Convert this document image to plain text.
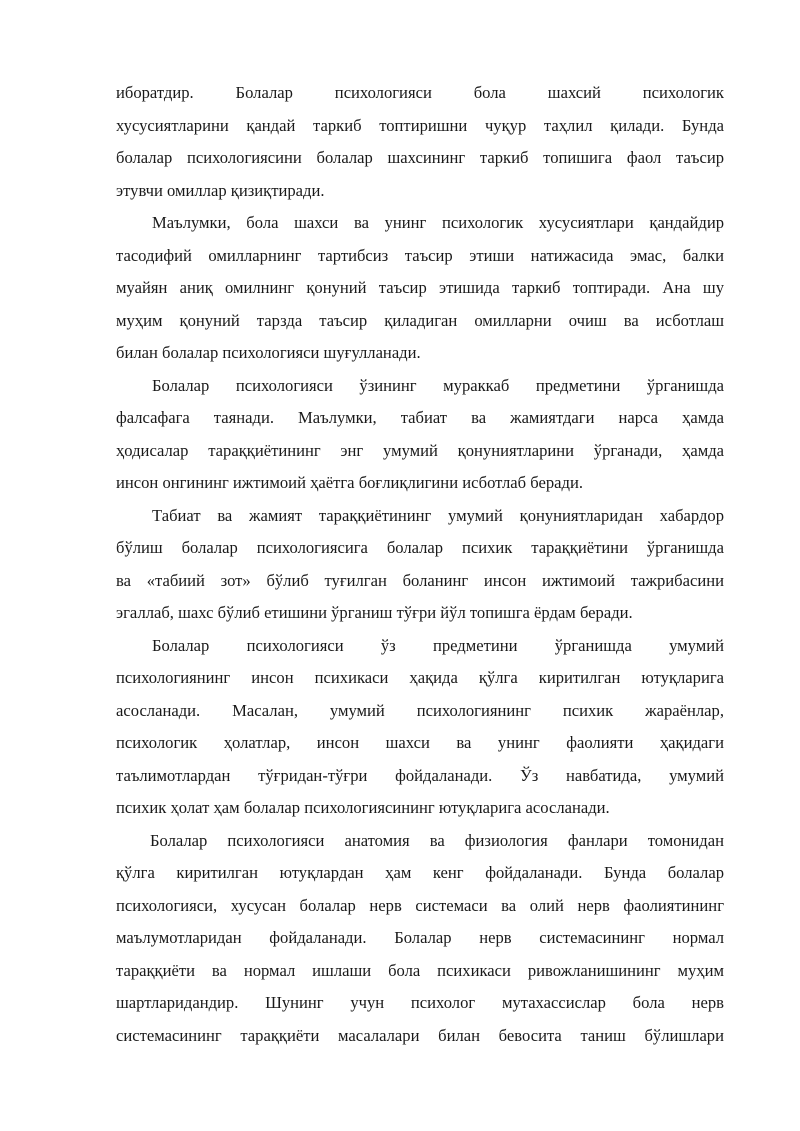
иборатдир. Болалар психологияси бола шахсий психологик
хусусиятларини қандай таркиб топтиришни чуқур таҳлил қилади. Бунда
болалар психологиясини болалар шахсининг таркиб топишига фаол таъсир
этувчи омиллар қизиқтиради.
Маълумки, бола шахси ва унинг психологик хусусиятлари қандайдир
тасодифий омилларнинг тартибсиз таъсир этиши натижасида эмас, балки
муайян аниқ омилнинг қонуний таъсир этишида таркиб топтиради. Ана шу
муҳим қонуний тарзда таъсир қиладиган омилларни очиш ва исботлаш
билан болалар психологияси шуғулланади.
Болалар психологияси ўзининг мураккаб предметини ўрганишда
фалсафага таянади. Маълумки, табиат ва жамиятдаги нарса ҳамда
ҳодисалар тараққиётининг энг умумий қонуниятларини ўрганади, ҳамда
инсон онгининг ижтимоий ҳаётга боғлиқлигини исботлаб беради.
Табиат ва жамият тараққиётининг умумий қонуниятларидан хабардор
бўлиш болалар психологиясига болалар психик тараққиётини ўрганишда
ва «табиий зот» бўлиб туғилган боланинг инсон ижтимоий тажрибасини
эгаллаб, шахс бўлиб етишини ўрганиш тўғри йўл топишга ёрдам беради.
Болалар психологияси ўз предметини ўрганишда умумий
психологиянинг инсон психикаси ҳақида қўлга киритилган ютуқларига
асосланади. Масалан, умумий психологиянинг психик жараёнлар,
психологик ҳолатлар, инсон шахси ва унинг фаолияти ҳақидаги
таълимотлардан тўғридан-тўғри фойдаланади. Ўз навбатида, умумий
психик ҳолат ҳам болалар психологиясининг ютуқларига асосланади.
Болалар психологияси анатомия ва физиология фанлари томонидан
қўлга киритилган ютуқлардан ҳам кенг фойдаланади. Бунда болалар
психологияси, хусусан болалар нерв системаси ва олий нерв фаолиятининг
маълумотларидан фойдаланади. Болалар нерв системасининг нормал
тараққиёти ва нормал ишлаши бола психикаси ривожланишининг муҳим
шартларидандир. Шунинг учун психолог мутахассислар бола нерв
системасининг тараққиёти масалалари билан бевосита таниш бўлишлари
